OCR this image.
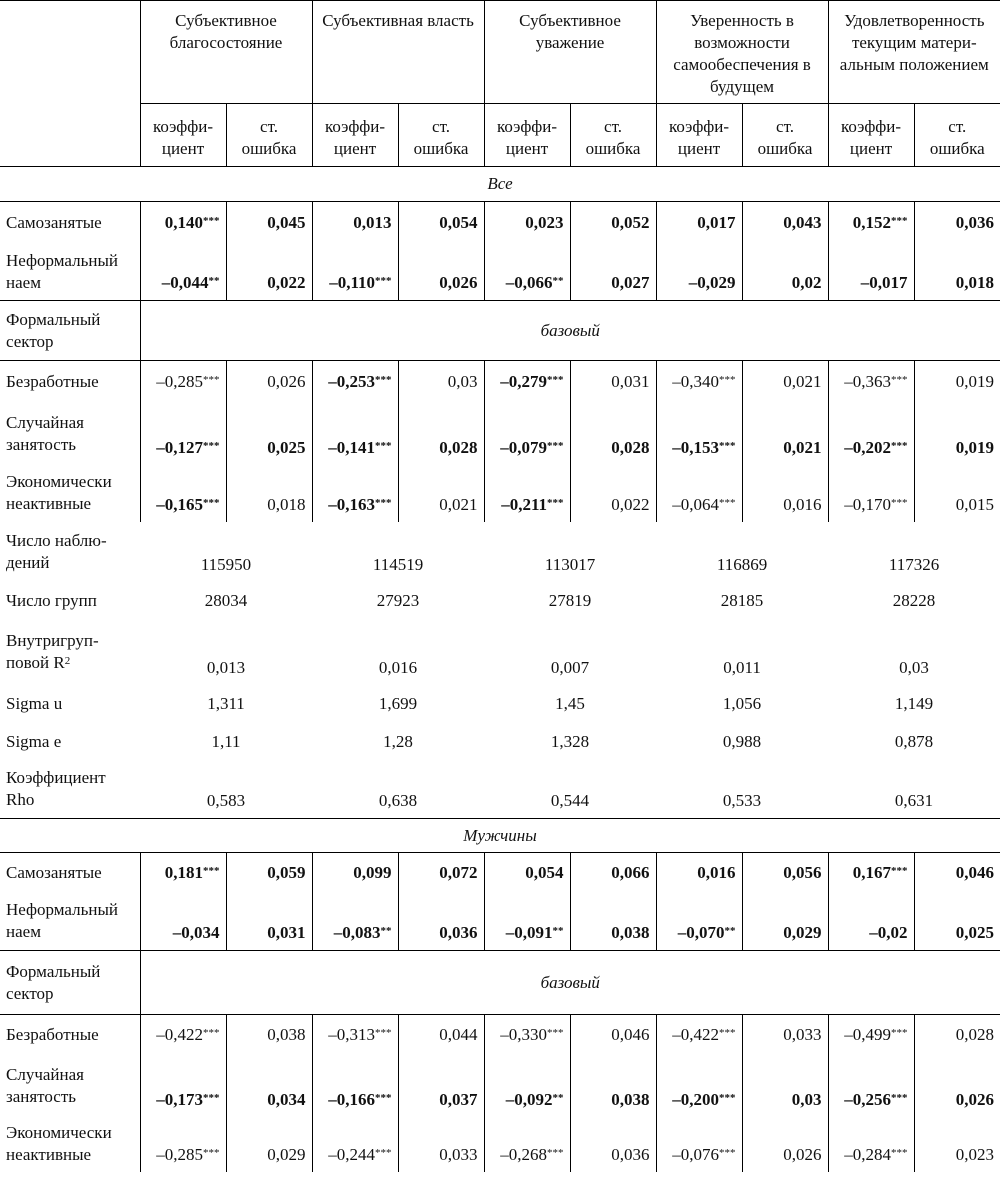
	Субъективное благосостояние		Субъективная власть		Субъективное уважение		Уверенность в возможности самообеспечения в будущем		Удовлетворенность текущим матери-альным положением	
	коэффи-циент	ст. ошибка	коэффи-циент	ст. ошибка	коэффи-циент	ст. ошибка	коэффи-циент	ст. ошибка	коэффи-циент	ст. ошибка
Все										
Самозанятые	0,140***	0,045	0,013	0,054	0,023	0,052	0,017	0,043	0,152***	0,036
Неформальный
наем	–0,044**	0,022	–0,110***	0,026	–0,066**	0,027	–0,029	0,02	–0,017	0,018
Формальный
сектор	базовый									
Безработные	–0,285***	0,026	–0,253***	0,03	–0,279***	0,031	–0,340***	0,021	–0,363***	0,019
Случайная
занятость	–0,127***	0,025	–0,141***	0,028	–0,079***	0,028	–0,153***	0,021	–0,202***	0,019
Экономически
неактивные	–0,165***	0,018	–0,163***	0,021	–0,211***	0,022	–0,064***	0,016	–0,170***	0,015
Число наблю-
дений	115950		114519		113017		116869		117326	
Число групп	28034		27923		27819		28185		28228	
Внутригруп-
повой $R^2$	0,013		0,016		0,007		0,011		0,03	
Sigma u	1,311		1,699		1,45		1,056		1,149	
Sigma e	1,11		1,28		1,328		0,988		0,878	
Коэффициент
Rho	0,583		0,638		0,544		0,533		0,631	
Мужчины										
Самозанятые	0,181***	0,059	0,099	0,072	0,054	0,066	0,016	0,056	0,167***	0,046
Неформальный
наем	–0,034	0,031	–0,083**	0,036	–0,091**	0,038	–0,070**	0,029	–0,02	0,025
Формальный
сектор	базовый									
Безработные	–0,422***	0,038	–0,313***	0,044	–0,330***	0,046	–0,422***	0,033	–0,499***	0,028
Случайная
занятость	–0,173***	0,034	–0,166***	0,037	–0,092**	0,038	–0,200***	0,03	–0,256***	0,026
Экономически
неактивные	–0,285***	0,029	–0,244***	0,033	–0,268***	0,036	–0,076***	0,026	–0,284***	0,023
